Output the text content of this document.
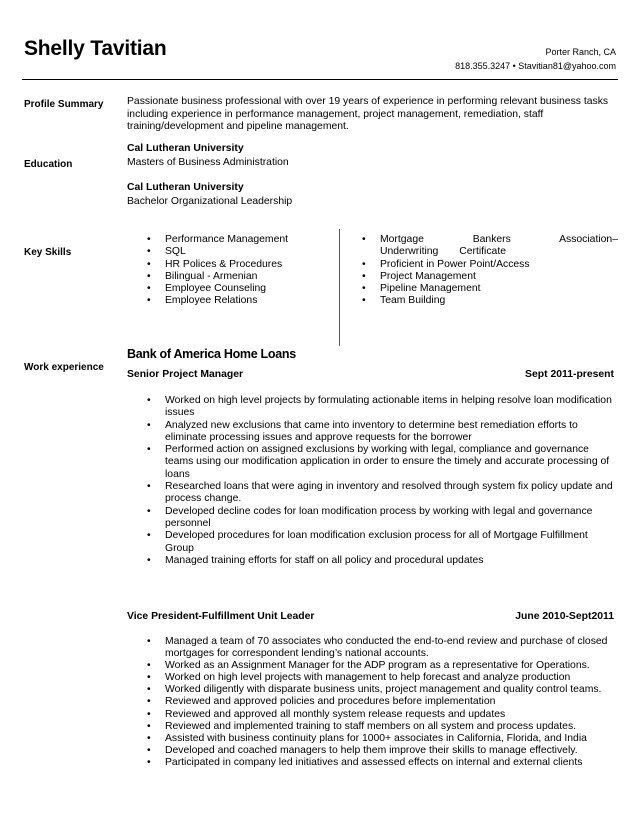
Shelly Tavitian	Porter Ranch, CA
818.355.3247 • Stavitian81@yahoo.com
Profile Summary Passionate business professional with over 19 years of experience in performing relevant business tasks including experience in performance management, project management, remediation, staff training/development and pipeline management.
Education
Cal Lutheran University
Masters of Business Administration
Cal Lutheran University
Bachelor Organizational Leadership
Key Skills
• Performance Management
• SQL
• HR Polices & Procedures
• Bilingual - Armenian
• Employee Counseling
• Employee Relations
• Mortgage Bankers Association–Underwriting Certificate
• Proficient in Power Point/Access
• Project Management
• Pipeline Management
• Team Building
Work experience
Bank of America Home Loans
Senior Project Manager	Sept 2011-present
• Worked on high level projects by formulating actionable items in helping resolve loan modification issues
• Analyzed new exclusions that came into inventory to determine best remediation efforts to eliminate processing issues and approve requests for the borrower
• Performed action on assigned exclusions by working with legal, compliance and governance teams using our modification application in order to ensure the timely and accurate processing of loans
• Researched loans that were aging in inventory and resolved through system fix policy update and process change.
• Developed decline codes for loan modification process by working with legal and governance personnel
• Developed procedures for loan modification exclusion process for all of Mortgage Fulfillment Group
• Managed training efforts for staff on all policy and procedural updates
Vice President-Fulfillment Unit Leader	June 2010-Sept2011
• Managed a team of 70 associates who conducted the end-to-end review and purchase of closed mortgages for correspondent lending’s national accounts.
• Worked as an Assignment Manager for the ADP program as a representative for Operations.
• Worked on high level projects with management to help forecast and analyze production
• Worked diligently with disparate business units, project management and quality control teams.
• Reviewed and approved policies and procedures before implementation
• Reviewed and approved all monthly system release requests and updates
• Reviewed and implemented training to staff members on all system and process updates.
• Assisted with business continuity plans for 1000+ associates in California, Florida, and India
• Developed and coached managers to help them improve their skills to manage effectively.
• Participated in company led initiatives and assessed effects on internal and external clients
